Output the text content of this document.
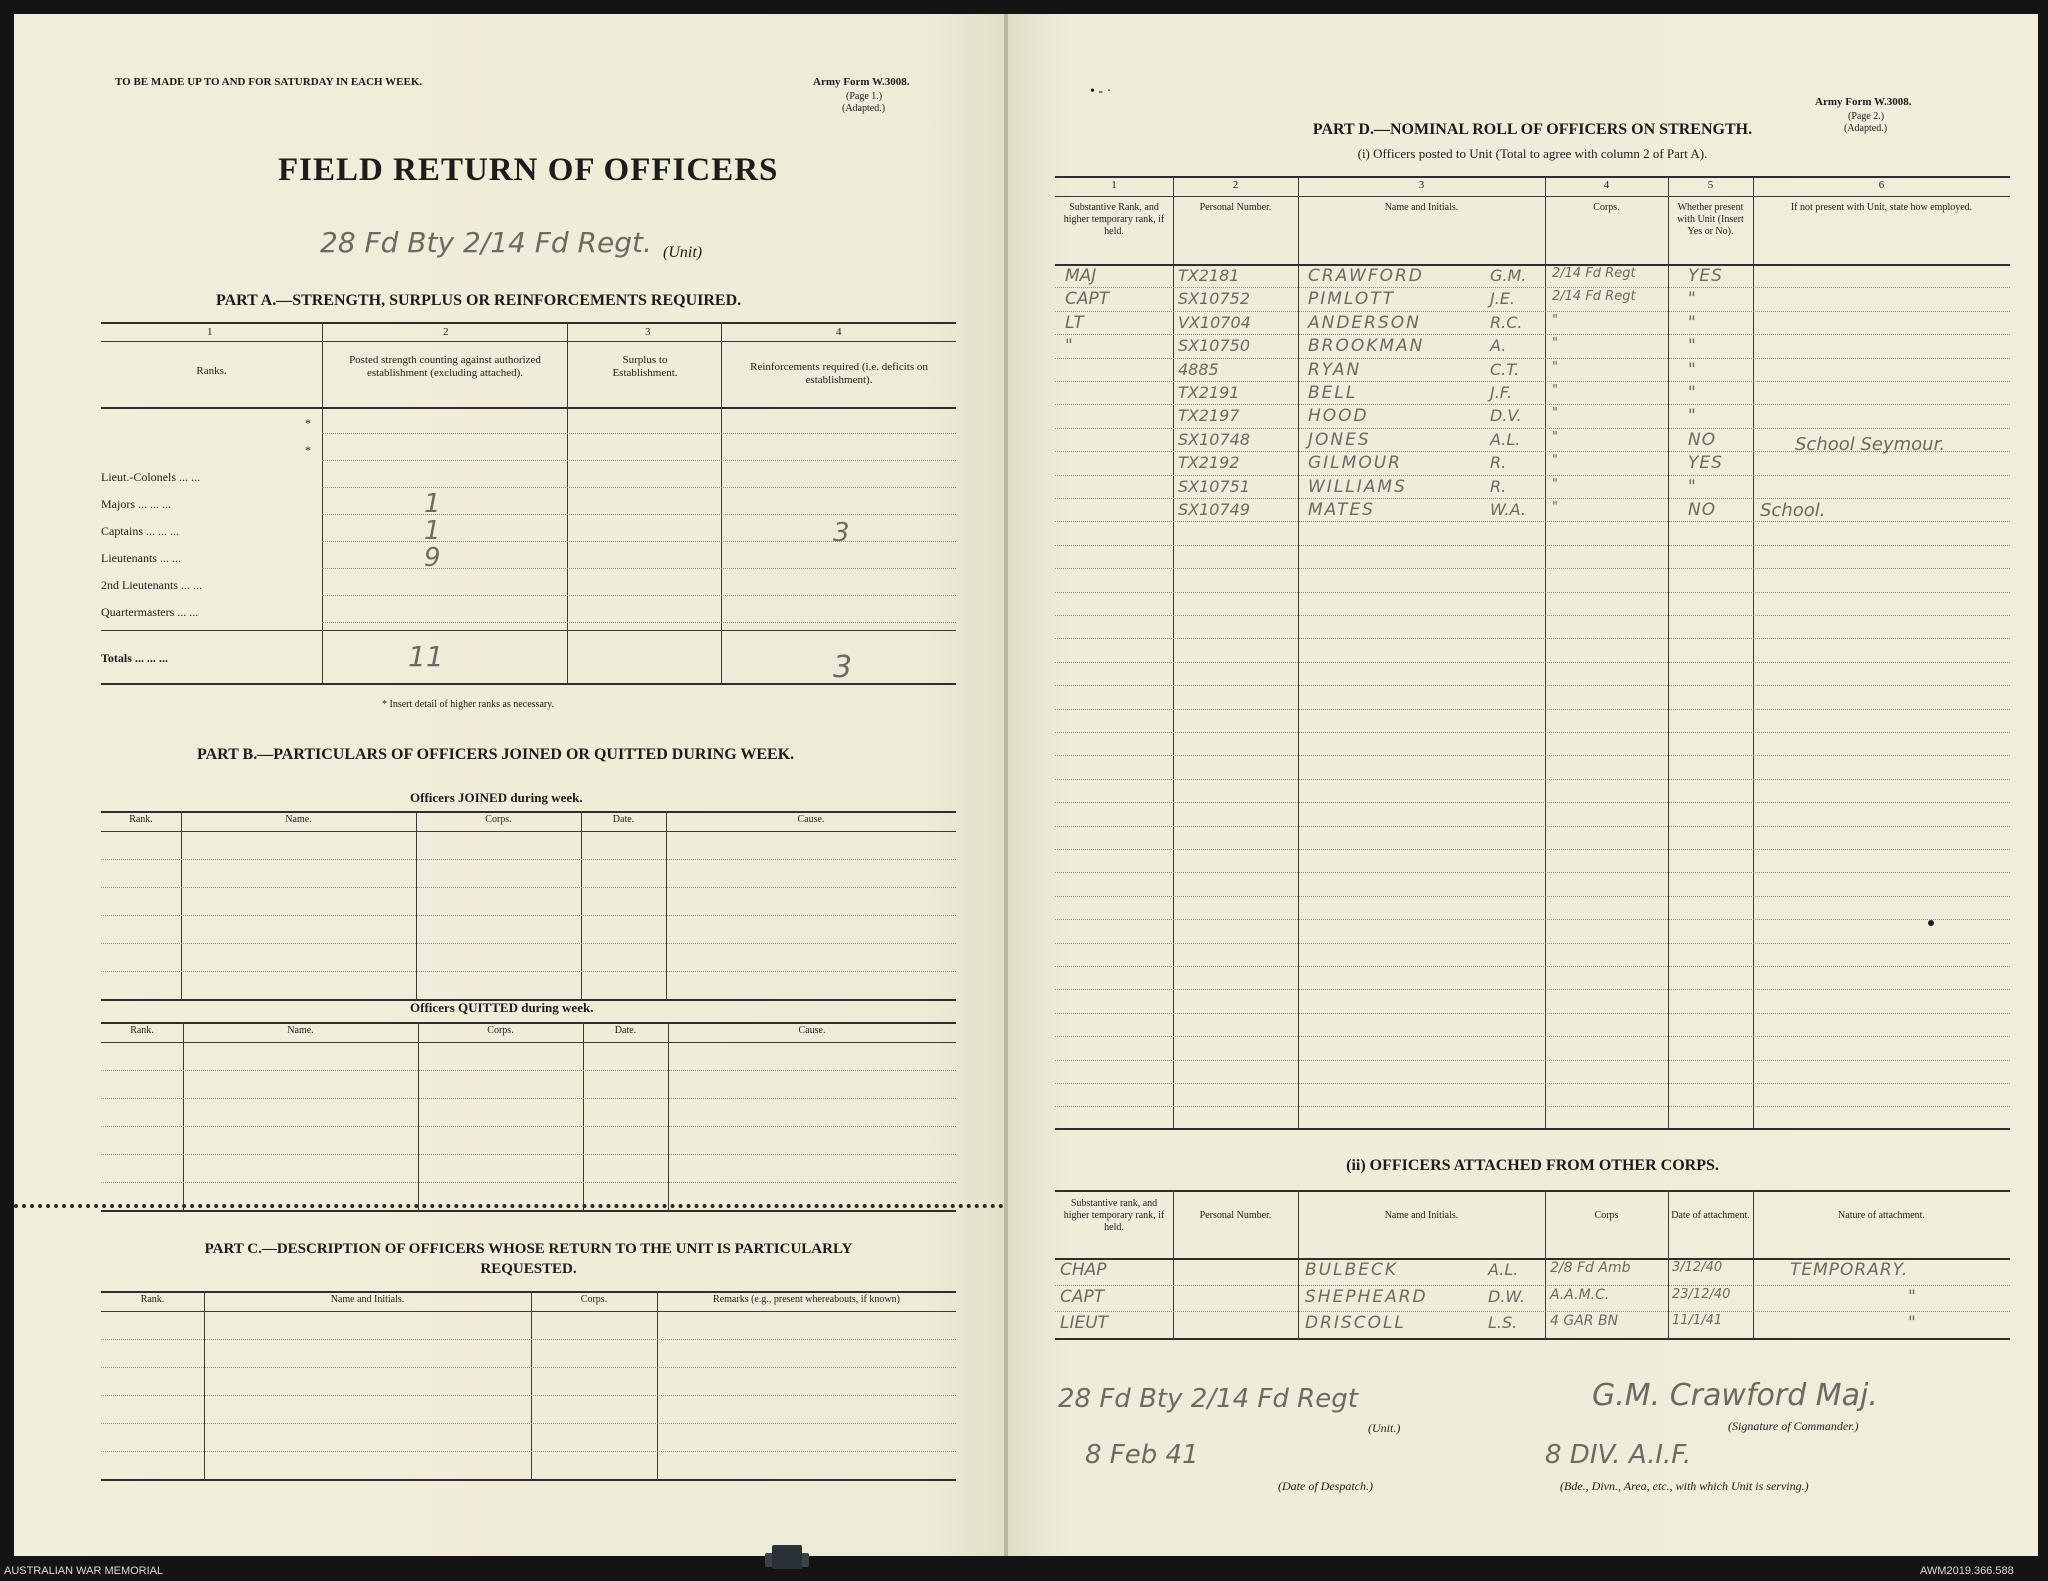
TO BE MADE UP TO AND FOR SATURDAY IN EACH WEEK.	Army Form W.3008.
(Page 1.)
(Adapted.)
FIELD RETURN OF OFFICERS
28 Fd Bty 2/14 Fd Regt. (Unit)
PART A.—STRENGTH, SURPLUS OR REINFORCEMENTS REQUIRED.
1	2	3	4
Ranks.
Posted strength counting against authorized establishment (excluding attached).
Surplus to Establishment.	Reinforcements required (i.e. deficits on establishment).
*
*
Lieut.-Colonels ... ...
Majors ... ... ...	1
Captains ... ... ...	1	3
Lieutenants ... ...	9
2nd Lieutenants ... ...
Quartermasters ... ...
Totals ... ... ...	11	3
* Insert detail of higher ranks as necessary.
PART B.—PARTICULARS OF OFFICERS JOINED OR QUITTED DURING WEEK.
Officers JOINED during week.
Rank.	Name.	Corps.	Date.	Cause.
Officers QUITTED during week.
Rank.	Name.	Corps.	Date.	Cause.
PART C.—DESCRIPTION OF OFFICERS WHOSE RETURN TO THE UNIT IS PARTICULARLY
REQUESTED.
Rank.	Name and Initials.	Corps.	Remarks (e.g., present whereabouts, if known)
• - ·
Army Form W.3008.
(Page 2.)
(Adapted.)
PART D.—NOMINAL ROLL OF OFFICERS ON STRENGTH.
(i) Officers posted to Unit (Total to agree with column 2 of Part A).
1	2	3	4	5	6
Substantive Rank, and higher temporary rank, if held.
Personal Number.	Name and Initials.	Corps.	Whether present with Unit (Insert Yes or No).
If not present with Unit, state how employed.
MAJ	TX2181	CRAWFORD	G.M. 2/14 Fd Regt	YES
CAPT	SX10752	PIMLOTT	J.E.	2/14 Fd Regt	"
LT	VX10704	ANDERSON	R.C. "	"
"	SX10750	BROOKMAN	A.	"	"
4885	RYAN	C.T.	"	"
TX2191	BELL	J.F.	"	"
TX2197	HOOD	D.V. "	"
SX10748	JONES	A.L. "	NO	School Seymour.
TX2192	GILMOUR	R.	"	YES
SX10751	WILLIAMS	R.	"	"
SX10749	MATES	W.A. "	NO School.
(ii) OFFICERS ATTACHED FROM OTHER CORPS.
Substantive rank, and higher temporary rank, if held.
Personal Number.	Name and Initials.	Corps	Date of attachment.	Nature of attachment.
CHAP	BULBECK	A.L. 2/8 Fd Amb	3/12/40	TEMPORARY.
CAPT	SHEPHEARD	D.W. A.A.M.C.	23/12/40	"
LIEUT	DRISCOLL	L.S. 4 GAR BN	11/1/41	"
28 Fd Bty 2/14 Fd Regt
(Unit.)
G.M. Crawford Maj.
(Signature of Commander.)
8 Feb 41
(Date of Despatch.)
8 DIV. A.I.F.
(Bde., Divn., Area, etc., with which Unit is serving.)
AUSTRALIAN WAR MEMORIAL	AWM2019.366.588
